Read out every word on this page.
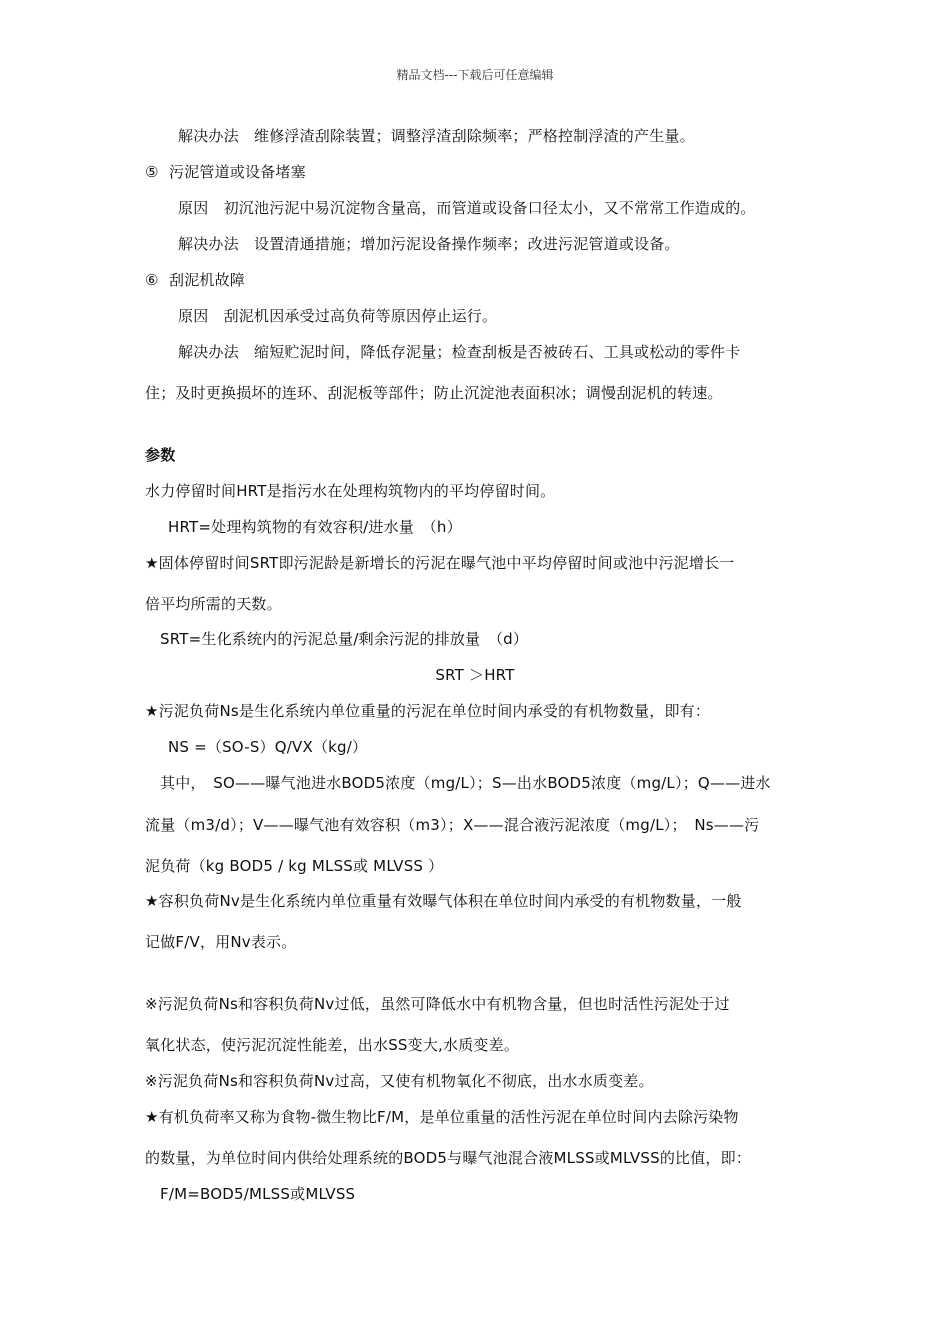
精品文档---下载后可任意编辑
解决办法　维修浮渣刮除装置；调整浮渣刮除频率；严格控制浮渣的产生量。
⑤ 污泥管道或设备堵塞
原因　初沉池污泥中易沉淀物含量高，而管道或设备口径太小，又不常常工作造成的。
解决办法　设置清通措施；增加污泥设备操作频率；改进污泥管道或设备。
⑥ 刮泥机故障
原因　刮泥机因承受过高负荷等原因停止运行。
解决办法　缩短贮泥时间，降低存泥量；检查刮板是否被砖石、工具或松动的零件卡
住；及时更换损坏的连环、刮泥板等部件；防止沉淀池表面积冰；调慢刮泥机的转速。
参数
水力停留时间HRT是指污水在处理构筑物内的平均停留时间。
HRT=处理构筑物的有效容积/进水量　（h）
★固体停留时间SRT即污泥龄是新增长的污泥在曝气池中平均停留时间或池中污泥增长一
倍平均所需的天数。
SRT=生化系统内的污泥总量/剩余污泥的排放量　（d）
SRT ＞HRT
★污泥负荷Ns是生化系统内单位重量的污泥在单位时间内承受的有机物数量，即有：
NS =（SO-S）Q/VX（kg/）
其中，　SO——曝气池进水BOD5浓度（mg/L）；S—出水BOD5浓度（mg/L）；Q——进水
流量（m3/d）；V——曝气池有效容积（m3）；X——混合液污泥浓度（mg/L）；　Ns——污
泥负荷（kg BOD5 / kg MLSS或 MLVSS ）
★容积负荷Nv是生化系统内单位重量有效曝气体积在单位时间内承受的有机物数量，一般
记做F/V，用Nv表示。
※污泥负荷Ns和容积负荷Nv过低，虽然可降低水中有机物含量，但也时活性污泥处于过
氧化状态，使污泥沉淀性能差，出水SS变大,水质变差。
※污泥负荷Ns和容积负荷Nv过高，又使有机物氧化不彻底，出水水质变差。
★有机负荷率又称为食物-微生物比F/M，是单位重量的活性污泥在单位时间内去除污染物
的数量，为单位时间内供给处理系统的BOD5与曝气池混合液MLSS或MLVSS的比值，即：
F/M=BOD5/MLSS或MLVSS
